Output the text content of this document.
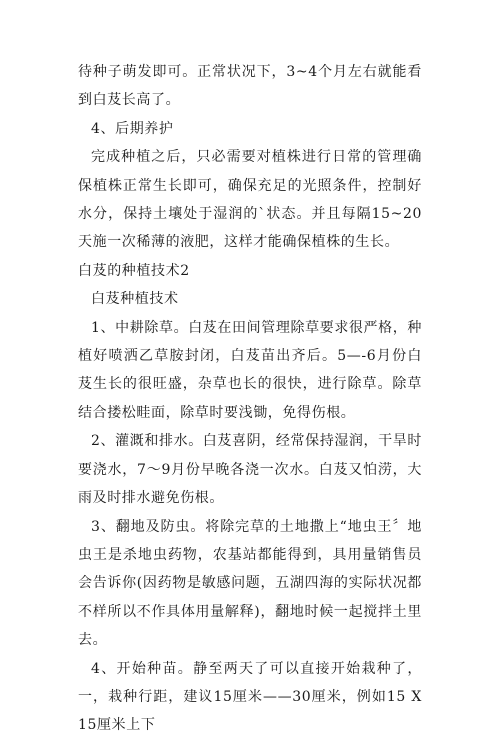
待种子萌发即可。正常状况下，3~4个月左右就能看到白芨长高了。

4、后期养护

完成种植之后，只必需要对植株进行日常的管理确保植株正常生长即可，确保充足的光照条件，控制好水分，保持土壤处于湿润的`状态。并且每隔15~20天施一次稀薄的液肥，这样才能确保植株的生长。

白芨的种植技术2

白芨种植技术

1、中耕除草。白芨在田间管理除草要求很严格，种植好喷洒乙草胺封闭，白芨苗出齐后。5—-6月份白芨生长的很旺盛，杂草也长的很快，进行除草。除草结合搂松畦面，除草时要浅锄，免得伤根。

2、灌溉和排水。白芨喜阴，经常保持湿润，干旱时要浇水，7～9月份早晚各浇一次水。白芨又怕涝，大雨及时排水避免伤根。

3、翻地及防虫。将除完草的土地撒上“地虫王〞地虫王是杀地虫药物，农基站都能得到，具用量销售员会告诉你(因药物是敏感问题，五湖四海的实际状况都不样所以不作具体用量解释)，翻地时候一起搅拌土里去。

4、开始种苗。静至两天了可以直接开始栽种了，一，栽种行距，建议15厘米——30厘米，例如15 X 15厘米上下
